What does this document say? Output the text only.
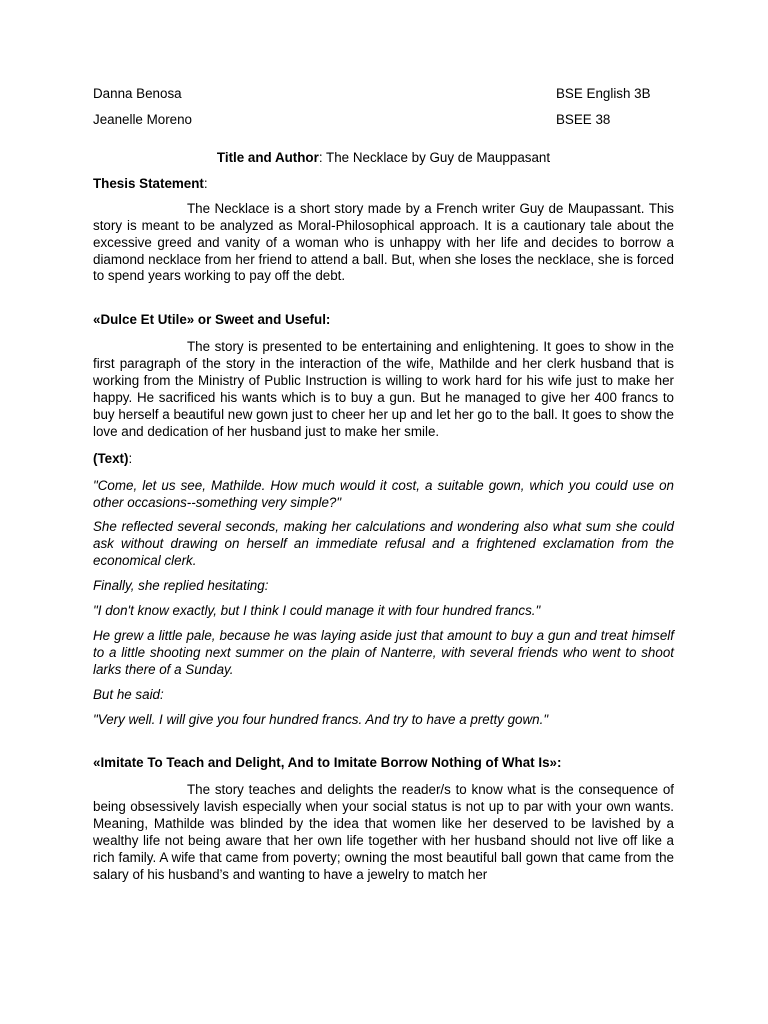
Danna Benosa	BSE English 3B
Jeanelle Moreno	BSEE 38
Title and Author: The Necklace by Guy de Mauppasant

Thesis Statement:

The Necklace is a short story made by a French writer Guy de Maupassant. This story is meant to be analyzed as Moral-Philosophical approach. It is a cautionary tale about the excessive greed and vanity of a woman who is unhappy with her life and decides to borrow a diamond necklace from her friend to attend a ball. But, when she loses the necklace, she is forced to spend years working to pay off the debt.

«Dulce Et Utile» or Sweet and Useful:

The story is presented to be entertaining and enlightening. It goes to show in the first paragraph of the story in the interaction of the wife, Mathilde and her clerk husband that is working from the Ministry of Public Instruction is willing to work hard for his wife just to make her happy. He sacrificed his wants which is to buy a gun. But he managed to give her 400 francs to buy herself a beautiful new gown just to cheer her up and let her go to the ball. It goes to show the love and dedication of her husband just to make her smile.

(Text):

"Come, let us see, Mathilde. How much would it cost, a suitable gown, which you could use on other occasions--something very simple?"

She reflected several seconds, making her calculations and wondering also what sum she could ask without drawing on herself an immediate refusal and a frightened exclamation from the economical clerk.

Finally, she replied hesitating:

"I don't know exactly, but I think I could manage it with four hundred francs."

He grew a little pale, because he was laying aside just that amount to buy a gun and treat himself to a little shooting next summer on the plain of Nanterre, with several friends who went to shoot larks there of a Sunday.

But he said:

"Very well. I will give you four hundred francs. And try to have a pretty gown."

«Imitate To Teach and Delight, And to Imitate Borrow Nothing of What Is»:

The story teaches and delights the reader/s to know what is the consequence of being obsessively lavish especially when your social status is not up to par with your own wants. Meaning, Mathilde was blinded by the idea that women like her deserved to be lavished by a wealthy life not being aware that her own life together with her husband should not live off like a rich family. A wife that came from poverty; owning the most beautiful ball gown that came from the salary of his husband’s and wanting to have a jewelry to match her
